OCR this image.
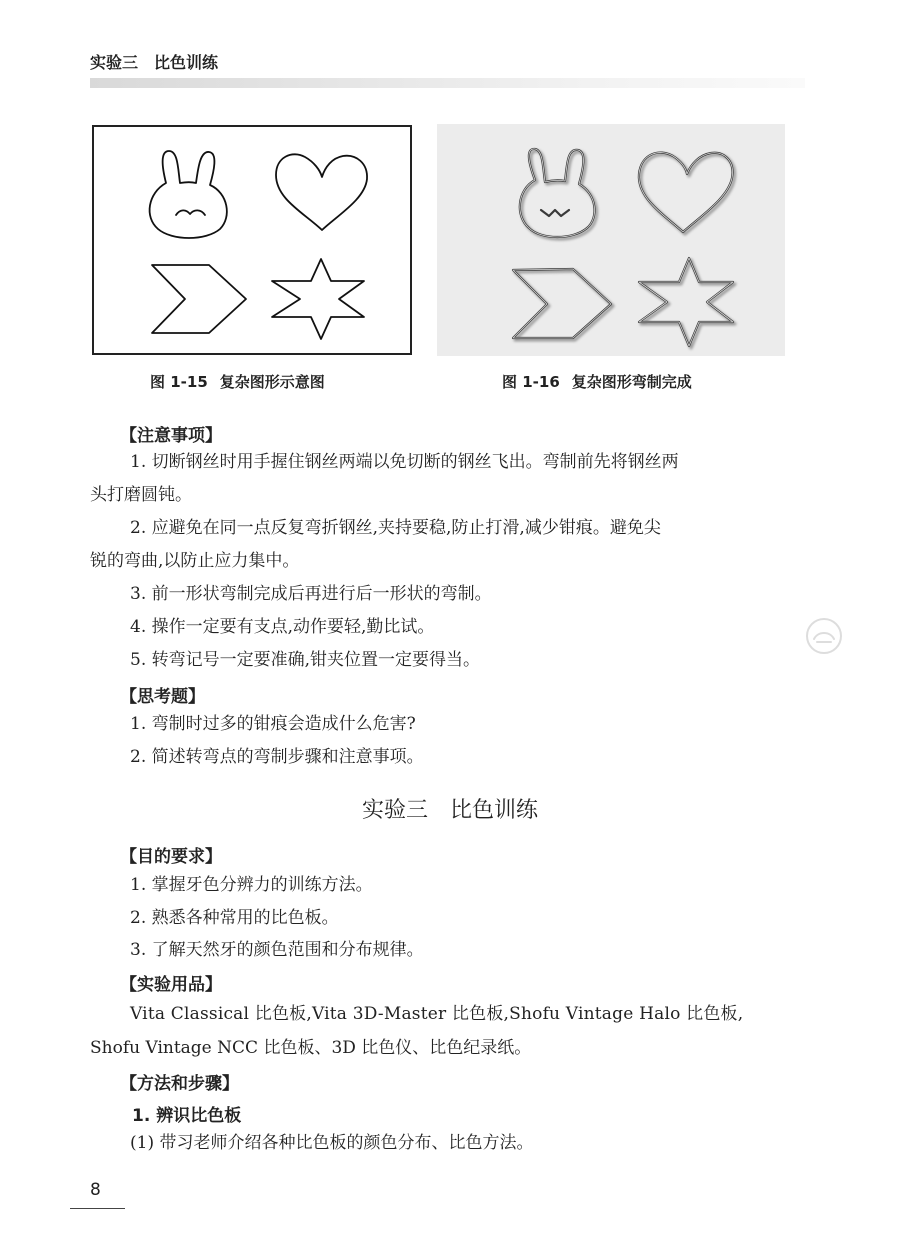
实验三 比色训练
图 1-15 复杂图形示意图	图 1-16 复杂图形弯制完成
【注意事项】
1. 切断钢丝时用手握住钢丝两端以免切断的钢丝飞出。弯制前先将钢丝两
头打磨圆钝。
2. 应避免在同一点反复弯折钢丝,夹持要稳,防止打滑,减少钳痕。避免尖
锐的弯曲,以防止应力集中。
3. 前一形状弯制完成后再进行后一形状的弯制。
4. 操作一定要有支点,动作要轻,勤比试。
5. 转弯记号一定要准确,钳夹位置一定要得当。
【思考题】
1. 弯制时过多的钳痕会造成什么危害?
2. 简述转弯点的弯制步骤和注意事项。
实验三 比色训练
【目的要求】
1. 掌握牙色分辨力的训练方法。
2. 熟悉各种常用的比色板。
3. 了解天然牙的颜色范围和分布规律。
【实验用品】
Vita Classical 比色板,Vita 3D-Master 比色板,Shofu Vintage Halo 比色板,
Shofu Vintage NCC 比色板、3D 比色仪、比色纪录纸。
【方法和步骤】
1. 辨识比色板
(1) 带习老师介绍各种比色板的颜色分布、比色方法。
8
